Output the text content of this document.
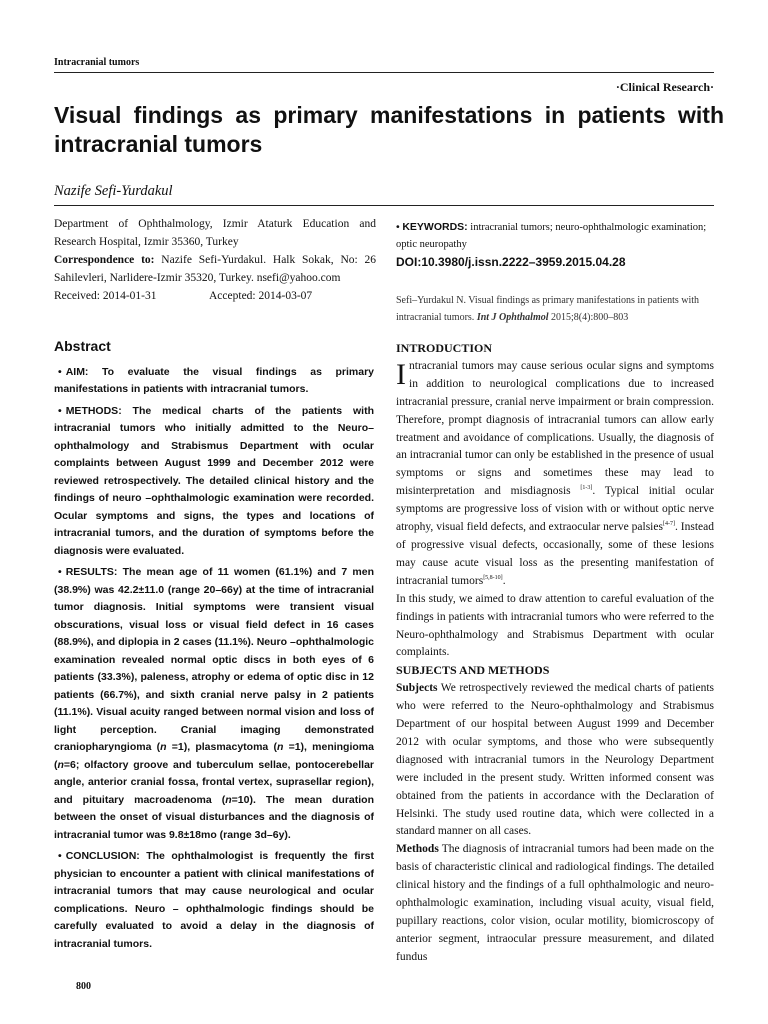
Intracranial tumors
·Clinical Research·
Visual findings as primary manifestations in patients with intracranial tumors
Nazife Sefi-Yurdakul
Department of Ophthalmology, Izmir Ataturk Education and Research Hospital, Izmir 35360, Turkey
Correspondence to: Nazife Sefi-Yurdakul. Halk Sokak, No: 26 Sahilevleri, Narlidere-Izmir 35320, Turkey. nsefi@yahoo.com
Received: 2014-01-31	Accepted: 2014-03-07
• KEYWORDS: intracranial tumors; neuro-ophthalmologic examination; optic neuropathy
DOI:10.3980/j.issn.2222–3959.2015.04.28
Sefi–Yurdakul N. Visual findings as primary manifestations in patients with intracranial tumors. Int J Ophthalmol 2015;8(4):800–803
Abstract

• AIM: To evaluate the visual findings as primary manifestations in patients with intracranial tumors.

• METHODS: The medical charts of the patients with intracranial tumors who initially admitted to the Neuro–ophthalmology and Strabismus Department with ocular complaints between August 1999 and December 2012 were reviewed retrospectively. The detailed clinical history and the findings of neuro –ophthalmologic examination were recorded. Ocular symptoms and signs, the types and locations of intracranial tumors, and the duration of symptoms before the diagnosis were evaluated.

• RESULTS: The mean age of 11 women (61.1%) and 7 men (38.9%) was 42.2±11.0 (range 20–66y) at the time of intracranial tumor diagnosis. Initial symptoms were transient visual obscurations, visual loss or visual field defect in 16 cases (88.9%), and diplopia in 2 cases (11.1%). Neuro –ophthalmologic examination revealed normal optic discs in both eyes of 6 patients (33.3%), paleness, atrophy or edema of optic disc in 12 patients (66.7%), and sixth cranial nerve palsy in 2 patients (11.1%). Visual acuity ranged between normal vision and loss of light perception. Cranial imaging demonstrated craniopharyngioma (n =1), plasmacytoma (n =1), meningioma (n=6; olfactory groove and tuberculum sellae, pontocerebellar angle, anterior cranial fossa, frontal vertex, suprasellar region), and pituitary macroadenoma (n=10). The mean duration between the onset of visual disturbances and the diagnosis of intracranial tumor was 9.8±18mo (range 3d–6y).

• CONCLUSION: The ophthalmologist is frequently the first physician to encounter a patient with clinical manifestations of intracranial tumors that may cause neurological and ocular complications. Neuro – ophthalmologic findings should be carefully evaluated to avoid a delay in the diagnosis of intracranial tumors.

INTRODUCTION

Intracranial tumors may cause serious ocular signs and symptoms in addition to neurological complications due to increased intracranial pressure, cranial nerve impairment or brain compression. Therefore, prompt diagnosis of intracranial tumors can allow early treatment and avoidance of complications. Usually, the diagnosis of an intracranial tumor can only be established in the presence of usual symptoms or signs and sometimes these may lead to misinterpretation and misdiagnosis [1-3]. Typical initial ocular symptoms are progressive loss of vision with or without optic nerve atrophy, visual field defects, and extraocular nerve palsies[4-7]. Instead of progressive visual defects, occasionally, some of these lesions may cause acute visual loss as the presenting manifestation of intracranial tumors[5,8-10].

In this study, we aimed to draw attention to careful evaluation of the findings in patients with intracranial tumors who were referred to the Neuro-ophthalmology and Strabismus Department with ocular complaints.

SUBJECTS AND METHODS

Subjects We retrospectively reviewed the medical charts of patients who were referred to the Neuro-ophthalmology and Strabismus Department of our hospital between August 1999 and December 2012 with ocular symptoms, and those who were subsequently diagnosed with intracranial tumors in the Neurology Department were included in the present study. Written informed consent was obtained from the patients in accordance with the Declaration of Helsinki. The study used routine data, which were collected in a standard manner on all cases.

Methods The diagnosis of intracranial tumors had been made on the basis of characteristic clinical and radiological findings. The detailed clinical history and the findings of a full ophthalmologic and neuro-ophthalmologic examination, including visual acuity, visual field, pupillary reactions, color vision, ocular motility, biomicroscopy of anterior segment, intraocular pressure measurement, and dilated fundus

800
